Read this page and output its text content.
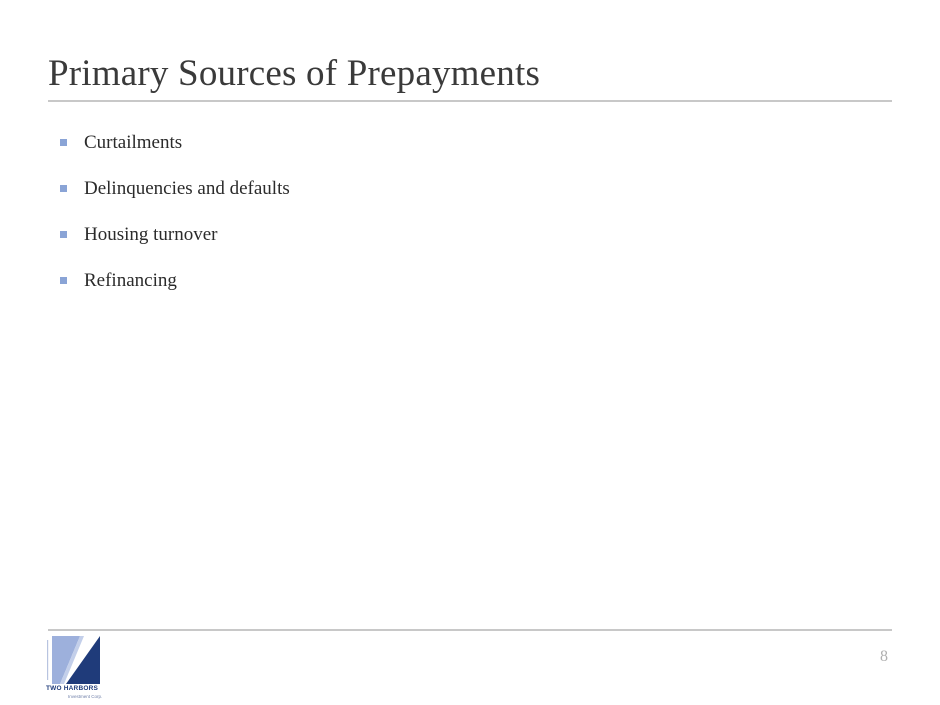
Primary Sources of Prepayments
Curtailments
Delinquencies and defaults
Housing turnover
Refinancing
TWO HARBORS
Investment Corp.
8
